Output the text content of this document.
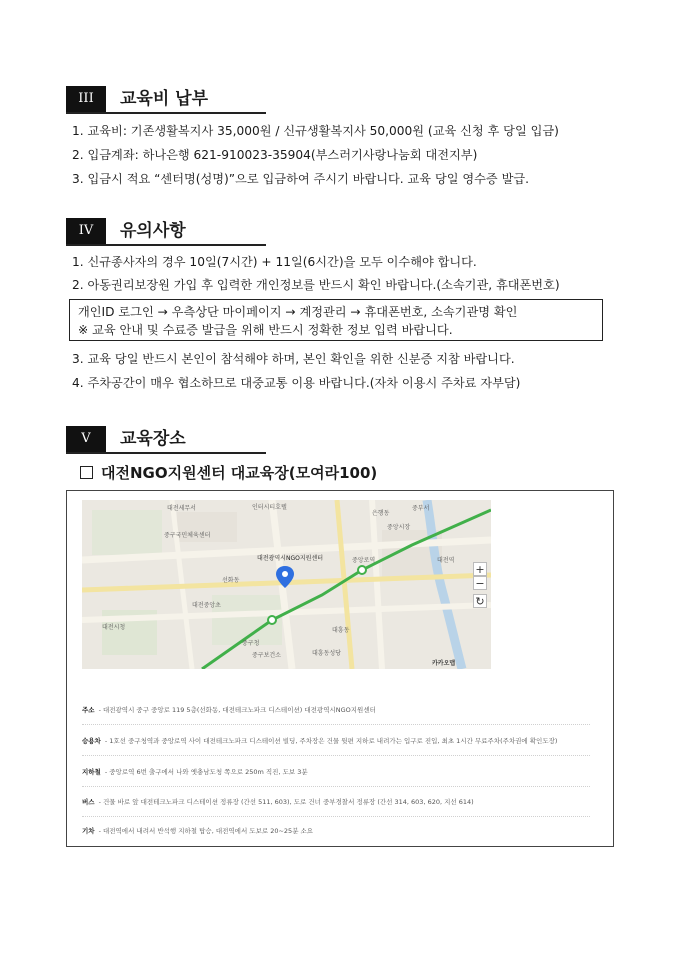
III	교육비 납부
1. 교육비: 기존생활복지사 35,000원 / 신규생활복지사 50,000원 (교육 신청 후 당일 입금)
2. 입금계좌: 하나은행 621-910023-35904(부스러기사랑나눔회 대전지부)
3. 입금시 적요 “센터명(성명)”으로 입금하여 주시기 바랍니다. 교육 당일 영수증 발급.
IV	유의사항
1. 신규종사자의 경우 10일(7시간) + 11일(6시간)을 모두 이수해야 합니다.
2. 아동권리보장원 가입 후 입력한 개인정보를 반드시 확인 바랍니다.(소속기관, 휴대폰번호)
개인ID 로그인 → 우측상단 마이페이지 → 계정관리 → 휴대폰번호, 소속기관명 확인
※ 교육 안내 및 수료증 발급을 위해 반드시 정확한 정보 입력 바랍니다.
3. 교육 당일 반드시 본인이 참석해야 하며, 본인 확인을 위한 신분증 지참 바랍니다.
4. 주차공간이 매우 협소하므로 대중교통 이용 바랍니다.(자차 이용시 주차료 자부담)
V	교육장소
대전NGO지원센터 대교육장(모여라100)
대전세무서	인터시티호텔	중부서
은행동
중앙시장
중구국민체육센터
대흥동
대전광역시NGO지원센터
선화동
대전역
중앙로역
대전중앙초
중구청
대전시청
중구보건소	대흥동성당
카카오맵
+
−
↻
주소 - 대전광역시 중구 중앙로 119 5층(선화동, 대전테크노파크 디스테이션) 대전광역시NGO지원센터
승용차 - 1호선 중구청역과 중앙로역 사이 대전테크노파크 디스테이션 빌딩, 주차장은 건물 뒷편 지하로 내려가는 입구로 진입, 최초 1시간 무료주차(주차권에 확인도장)
지하철 - 중앙로역 6번 출구에서 나와 옛충남도청 쪽으로 250m 직진, 도보 3분
버스 - 건물 바로 앞 대전테크노파크 디스테이션 정류장 (간선 511, 603), 도로 건너 중부경찰서 정류장 (간선 314, 603, 620, 지선 614)
기차 - 대전역에서 내려서 반석행 지하철 탑승, 대전역에서 도보로 20~25분 소요
